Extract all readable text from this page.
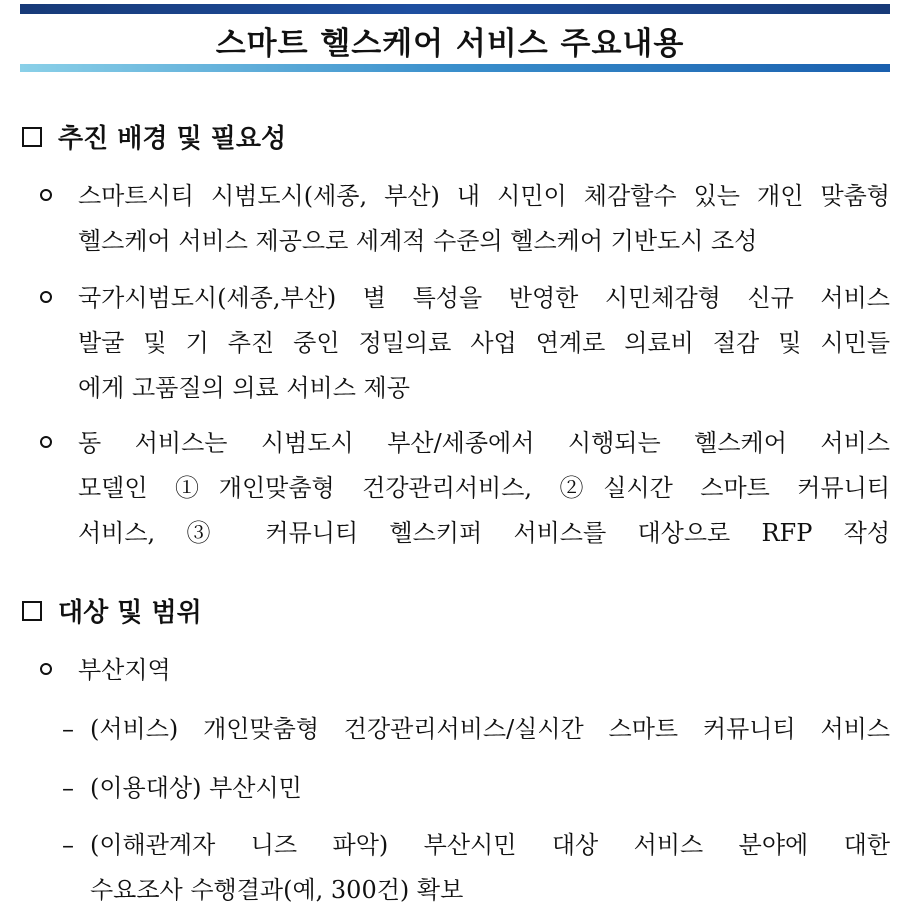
스마트 헬스케어 서비스 주요내용
추진 배경 및 필요성
스마트시티 시범도시(세종, 부산) 내 시민이 체감할수 있는 개인 맞춤형
헬스케어 서비스 제공으로 세계적 수준의 헬스케어 기반도시 조성
국가시범도시(세종,부산) 별 특성을 반영한 시민체감형 신규 서비스
발굴 및 기 추진 중인 정밀의료 사업 연계로 의료비 절감 및 시민들
에게 고품질의 의료 서비스 제공
동 서비스는 시범도시 부산/세종에서 시행되는 헬스케어 서비스
모델인 ①개인맞춤형 건강관리서비스, ②실시간 스마트 커뮤니티
서비스, ③ 커뮤니티 헬스키퍼 서비스를 대상으로 RFP 작성
대상 및 범위
부산지역
– (서비스) 개인맞춤형 건강관리서비스/실시간 스마트 커뮤니티 서비스
– (이용대상) 부산시민
– (이해관계자 니즈 파악) 부산시민 대상 서비스 분야에 대한
수요조사 수행결과(예, 300건) 확보
